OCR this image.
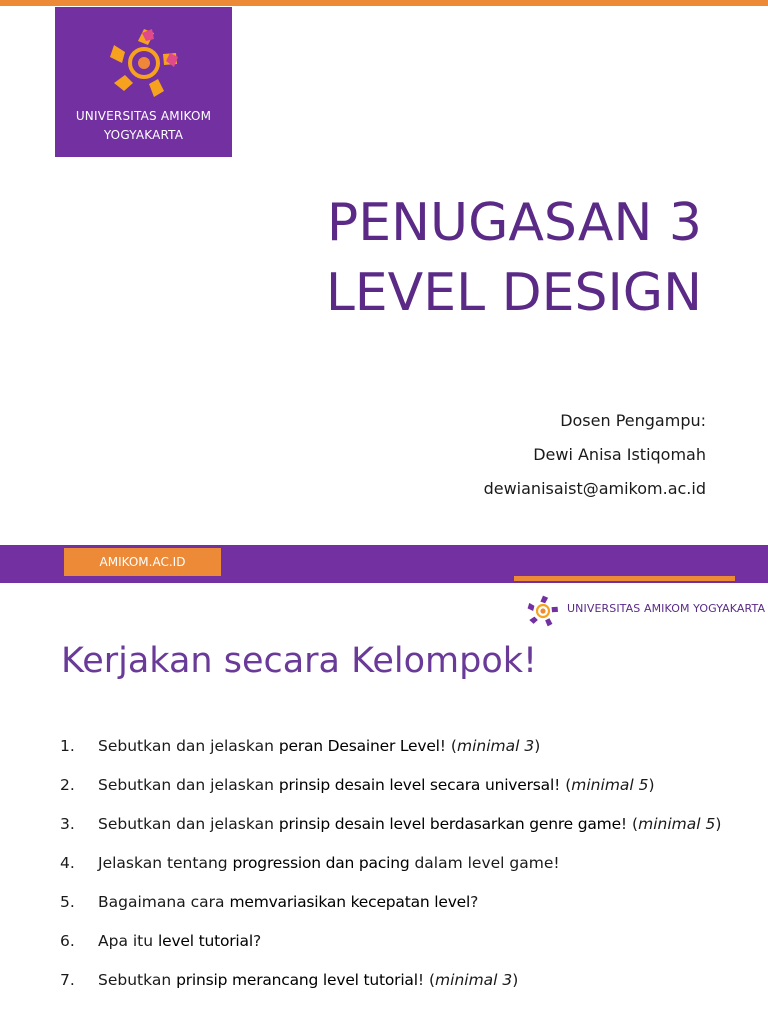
UNIVERSITAS AMIKOM
YOGYAKARTA
PENUGASAN 3
LEVEL DESIGN
Dosen Pengampu:
Dewi Anisa Istiqomah
dewianisaist@amikom.ac.id
AMIKOM.AC.ID
UNIVERSITAS AMIKOM YOGYAKARTA
Kerjakan secara Kelompok!
1. Sebutkan dan jelaskan peran Desainer Level! (minimal 3)
2. Sebutkan dan jelaskan prinsip desain level secara universal! (minimal 5)
3. Sebutkan dan jelaskan prinsip desain level berdasarkan genre game! (minimal 5)
4. Jelaskan tentang progression dan pacing dalam level game!
5. Bagaimana cara memvariasikan kecepatan level?
6. Apa itu level tutorial?
7. Sebutkan prinsip merancang level tutorial! (minimal 3)
